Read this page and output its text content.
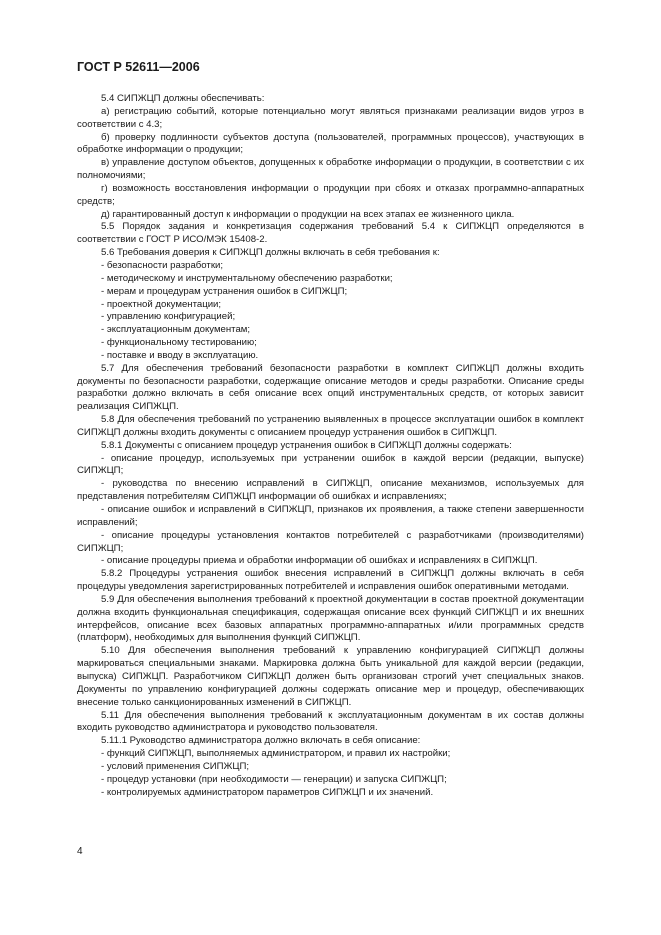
ГОСТ Р 52611—2006

5.4 СИПЖЦП должны обеспечивать:

а) регистрацию событий, которые потенциально могут являться признаками реализации видов угроз в соответствии с 4.3;

б) проверку подлинности субъектов доступа (пользователей, программных процессов), участвующих в обработке информации о продукции;

в) управление доступом объектов, допущенных к обработке информации о продукции, в соответствии с их полномочиями;

г) возможность восстановления информации о продукции при сбоях и отказах программно-аппаратных средств;

д) гарантированный доступ к информации о продукции на всех этапах ее жизненного цикла.

5.5 Порядок задания и конкретизация содержания требований 5.4 к СИПЖЦП определяются в соответствии с ГОСТ Р ИСО/МЭК 15408-2.

5.6 Требования доверия к СИПЖЦП должны включать в себя требования к:

- безопасности разработки;

- методическому и инструментальному обеспечению разработки;

- мерам и процедурам устранения ошибок в СИПЖЦП;

- проектной документации;

- управлению конфигурацией;

- эксплуатационным документам;

- функциональному тестированию;

- поставке и вводу в эксплуатацию.

5.7 Для обеспечения требований безопасности разработки в комплект СИПЖЦП должны входить документы по безопасности разработки, содержащие описание методов и среды разработки. Описание среды разработки должно включать в себя описание всех опций инструментальных средств, от которых зависит реализация СИПЖЦП.

5.8 Для обеспечения требований по устранению выявленных в процессе эксплуатации ошибок в комплект СИПЖЦП должны входить документы с описанием процедур устранения ошибок в СИПЖЦП.

5.8.1 Документы с описанием процедур устранения ошибок в СИПЖЦП должны содержать:

- описание процедур, используемых при устранении ошибок в каждой версии (редакции, выпуске) СИПЖЦП;

- руководства по внесению исправлений в СИПЖЦП, описание механизмов, используемых для представления потребителям СИПЖЦП информации об ошибках и исправлениях;

- описание ошибок и исправлений в СИПЖЦП, признаков их проявления, а также степени завершенности исправлений;

- описание процедуры установления контактов потребителей с разработчиками (производителями) СИПЖЦП;

- описание процедуры приема и обработки информации об ошибках и исправлениях в СИПЖЦП.

5.8.2 Процедуры устранения ошибок внесения исправлений в СИПЖЦП должны включать в себя процедуры уведомления зарегистрированных потребителей и исправления ошибок оперативными методами.

5.9 Для обеспечения выполнения требований к проектной документации в состав проектной документации должна входить функциональная спецификация, содержащая описание всех функций СИПЖЦП и их внешних интерфейсов, описание всех базовых аппаратных программно-аппаратных и/или программных средств (платформ), необходимых для выполнения функций СИПЖЦП.

5.10 Для обеспечения выполнения требований к управлению конфигурацией СИПЖЦП должны маркироваться специальными знаками. Маркировка должна быть уникальной для каждой версии (редакции, выпуска) СИПЖЦП. Разработчиком СИПЖЦП должен быть организован строгий учет специальных знаков. Документы по управлению конфигурацией должны содержать описание мер и процедур, обеспечивающих внесение только санкционированных изменений в СИПЖЦП.

5.11 Для обеспечения выполнения требований к эксплуатационным документам в их состав должны входить руководство администратора и руководство пользователя.

5.11.1 Руководство администратора должно включать в себя описание:

- функций СИПЖЦП, выполняемых администратором, и правил их настройки;

- условий применения СИПЖЦП;

- процедур установки (при необходимости — генерации) и запуска СИПЖЦП;

- контролируемых администратором параметров СИПЖЦП и их значений.

4
